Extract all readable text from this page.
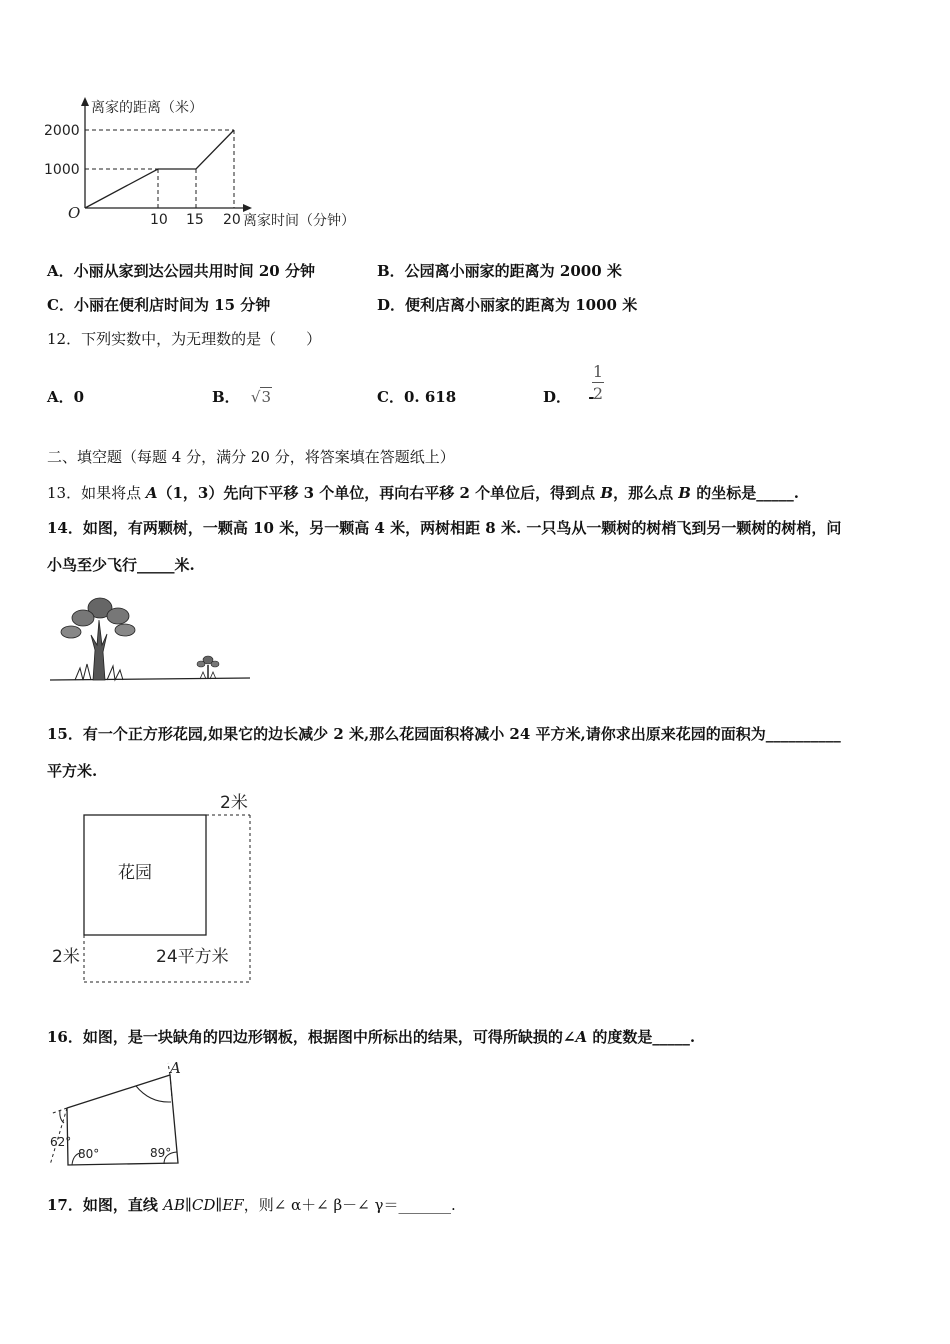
离家的距离（米）
离家时间（分钟）
2000
1000
O	10 15 20
A．小丽从家到达公园共用时间 20 分钟	B．公园离小丽家的距离为 2000 米
C．小丽在便利店时间为 15 分钟	D．便利店离小丽家的距离为 1000 米
12．下列实数中，为无理数的是（　　）
A．0	B． √3	C．0. 618	D． -
1
2
二、填空题（每题 4 分，满分 20 分，将答案填在答题纸上）
13．如果将点 A（1，3）先向下平移 3 个单位，再向右平移 2 个单位后，得到点 B，那么点 B 的坐标是_____.
14．如图，有两颗树，一颗高 10 米，另一颗高 4 米，两树相距 8 米. 一只鸟从一颗树的树梢飞到另一颗树的树梢，问
小鸟至少飞行_____米.
15．有一个正方形花园,如果它的边长减少 2 米,那么花园面积将减小 24 平方米,请你求出原来花园的面积为__________
平方米.
花园
2米
2米	24平方米
16．如图，是一块缺角的四边形钢板，根据图中所标出的结果，可得所缺损的∠A 的度数是_____.
A
62°
80°	89°
17．如图，直线 AB∥CD∥EF，则∠ α＋∠ β－∠ γ＝_______.
